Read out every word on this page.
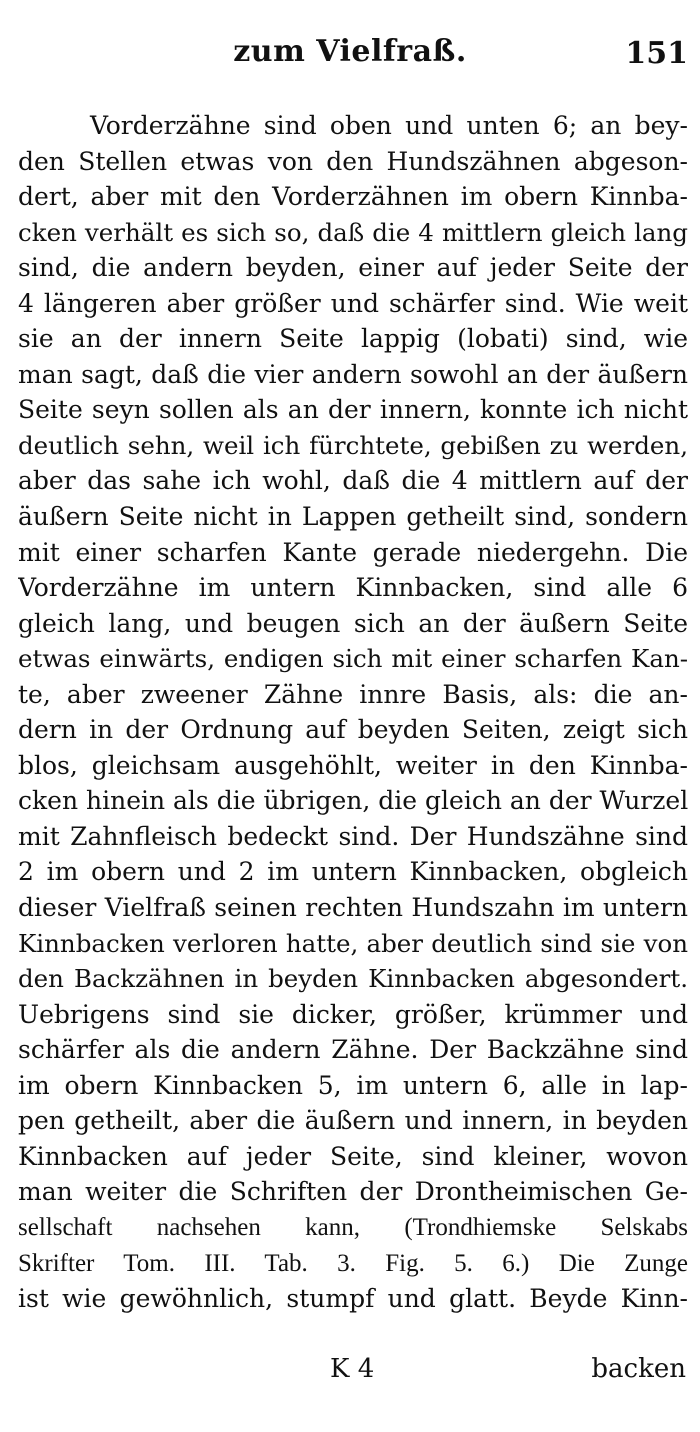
zum Vielfraß.	151
Vorderzähne sind oben und unten 6; an bey-
den Stellen etwas von den Hundszähnen abgeson-
dert, aber mit den Vorderzähnen im obern Kinnba-
cken verhält es sich so, daß die 4 mittlern gleich lang
sind, die andern beyden, einer auf jeder Seite der
4 längeren aber größer und schärfer sind. Wie weit
sie an der innern Seite lappig (lobati) sind, wie
man sagt, daß die vier andern sowohl an der äußern
Seite seyn sollen als an der innern, konnte ich nicht
deutlich sehn, weil ich fürchtete, gebißen zu werden,
aber das sahe ich wohl, daß die 4 mittlern auf der
äußern Seite nicht in Lappen getheilt sind, sondern
mit einer scharfen Kante gerade niedergehn. Die
Vorderzähne im untern Kinnbacken, sind alle 6
gleich lang, und beugen sich an der äußern Seite
etwas einwärts, endigen sich mit einer scharfen Kan-
te, aber zweener Zähne innre Basis, als: die an-
dern in der Ordnung auf beyden Seiten, zeigt sich
blos, gleichsam ausgehöhlt, weiter in den Kinnba-
cken hinein als die übrigen, die gleich an der Wurzel
mit Zahnfleisch bedeckt sind. Der Hundszähne sind
2 im obern und 2 im untern Kinnbacken, obgleich
dieser Vielfraß seinen rechten Hundszahn im untern
Kinnbacken verloren hatte, aber deutlich sind sie von
den Backzähnen in beyden Kinnbacken abgesondert.
Uebrigens sind sie dicker, größer, krümmer und
schärfer als die andern Zähne. Der Backzähne sind
im obern Kinnbacken 5, im untern 6, alle in lap-
pen getheilt, aber die äußern und innern, in beyden
Kinnbacken auf jeder Seite, sind kleiner, wovon
man weiter die Schriften der Drontheimischen Ge-
sellschaft nachsehen kann, (Trondhiemske Selskabs
Skrifter Tom. III. Tab. 3. Fig. 5. 6.) Die Zunge
ist wie gewöhnlich, stumpf und glatt. Beyde Kinn-
K 4	backen
